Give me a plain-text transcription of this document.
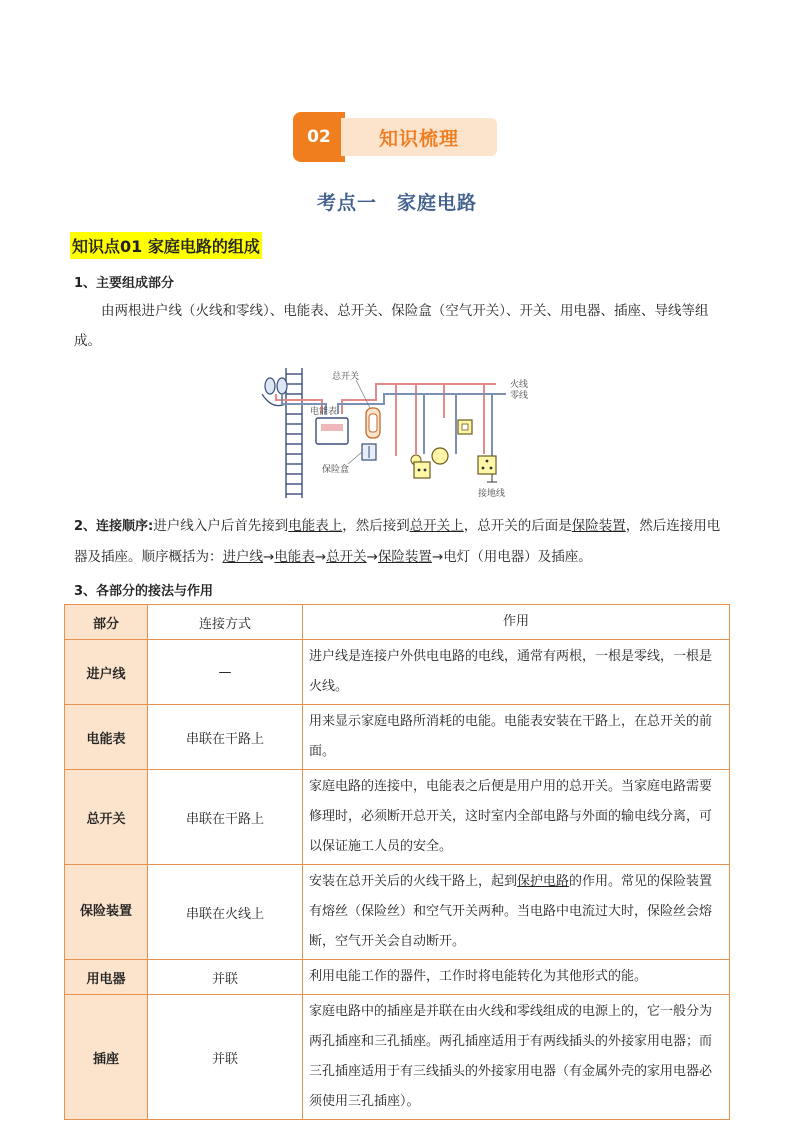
02	知识梳理
考点一　家庭电路
知识点01 家庭电路的组成
1、主要组成部分
由两根进户线（火线和零线）、电能表、总开关、保险盒（空气开关）、开关、用电器、插座、导线等组成。
总开关
电能表
保险盒
火线
零线
接地线
2、连接顺序:进户线入户后首先接到电能表上，然后接到总开关上，总开关的后面是保险装置，然后连接用电器及插座。顺序概括为：进户线→电能表→总开关→保险装置→电灯（用电器）及插座。
3、各部分的接法与作用
部分	连接方式	作用
进户线	—	进户线是连接户外供电电路的电线，通常有两根，一根是零线，一根是火线。
电能表	串联在干路上	用来显示家庭电路所消耗的电能。电能表安装在干路上，在总开关的前面。
总开关	串联在干路上	家庭电路的连接中，电能表之后便是用户用的总开关。当家庭电路需要修理时，必须断开总开关，这时室内全部电路与外面的输电线分离，可以保证施工人员的安全。
保险装置	串联在火线上	安装在总开关后的火线干路上，起到保护电路的作用。常见的保险装置有熔丝（保险丝）和空气开关两种。当电路中电流过大时，保险丝会熔断，空气开关会自动断开。
用电器	并联	利用电能工作的器件，工作时将电能转化为其他形式的能。
插座	并联	家庭电路中的插座是并联在由火线和零线组成的电源上的，它一般分为两孔插座和三孔插座。两孔插座适用于有两线插头的外接家用电器；而三孔插座适用于有三线插头的外接家用电器（有金属外壳的家用电器必须使用三孔插座）。
